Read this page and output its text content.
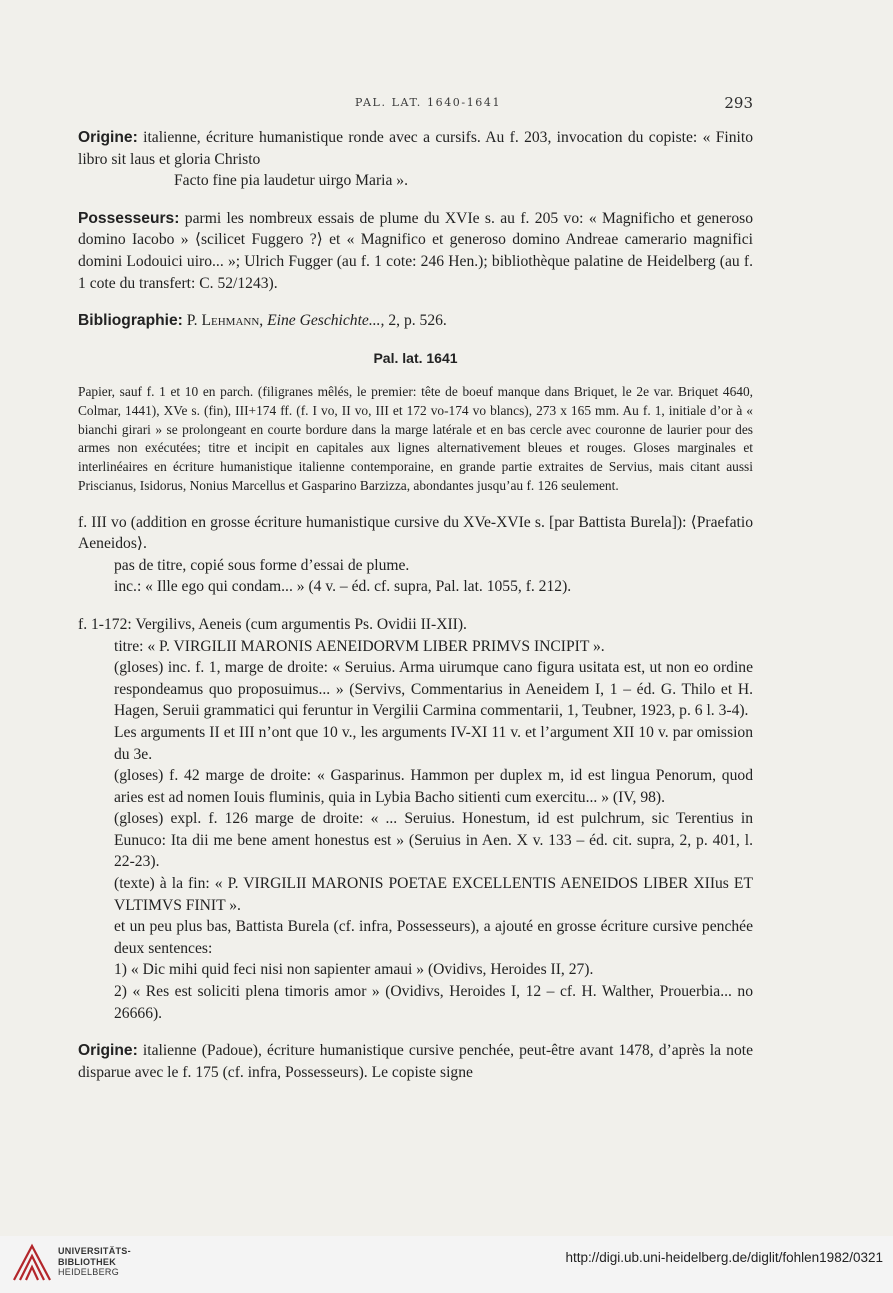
PAL. LAT. 1640-1641	293

Origine: italienne, écriture humanistique ronde avec a cursifs. Au f. 203, invocation du copiste: « Finito libro sit laus et gloria Christo

Facto fine pia laudetur uirgo Maria ».

Possesseurs: parmi les nombreux essais de plume du XVIe s. au f. 205 vo: « Magnificho et generoso domino Iacobo » ⟨scilicet Fuggero ?⟩ et « Magnifico et generoso domino Andreae camerario magnifici domini Lodouici uiro... »; Ulrich Fugger (au f. 1 cote: 246 Hen.); bibliothèque palatine de Heidelberg (au f. 1 cote du transfert: C. 52/1243).

Bibliographie: P. Lehmann, Eine Geschichte..., 2, p. 526.

Pal. lat. 1641

Papier, sauf f. 1 et 10 en parch. (filigranes mêlés, le premier: tête de boeuf manque dans Briquet, le 2e var. Briquet 4640, Colmar, 1441), XVe s. (fin), III+174 ff. (f. I vo, II vo, III et 172 vo-174 vo blancs), 273 x 165 mm. Au f. 1, initiale d’or à « bianchi girari » se prolongeant en courte bordure dans la marge latérale et en bas cercle avec couronne de laurier pour des armes non exécutées; titre et incipit en capitales aux lignes alternativement bleues et rouges. Gloses marginales et interlinéaires en écriture humanistique italienne contemporaine, en grande partie extraites de Servius, mais citant aussi Priscianus, Isidorus, Nonius Marcellus et Gasparino Barzizza, abondantes jusqu’au f. 126 seulement.

f. III vo (addition en grosse écriture humanistique cursive du XVe-XVIe s. [par Battista Burela]): ⟨Praefatio Aeneidos⟩.

pas de titre, copié sous forme d’essai de plume.

inc.: « Ille ego qui condam... » (4 v. – éd. cf. supra, Pal. lat. 1055, f. 212).

f. 1-172: Vergilivs, Aeneis (cum argumentis Ps. Ovidii II-XII).

titre: « P. VIRGILII MARONIS AENEIDORVM LIBER PRIMVS INCIPIT ».

(gloses) inc. f. 1, marge de droite: « Seruius. Arma uirumque cano figura usitata est, ut non eo ordine respondeamus quo proposuimus... » (Servivs, Commentarius in Aeneidem I, 1 – éd. G. Thilo et H. Hagen, Seruii grammatici qui feruntur in Vergilii Carmina commentarii, 1, Teubner, 1923, p. 6 l. 3-4).

Les arguments II et III n’ont que 10 v., les arguments IV-XI 11 v. et l’argument XII 10 v. par omission du 3e.

(gloses) f. 42 marge de droite: « Gasparinus. Hammon per duplex m, id est lingua Penorum, quod aries est ad nomen Iouis fluminis, quia in Lybia Bacho sitienti cum exercitu... » (IV, 98).

(gloses) expl. f. 126 marge de droite: « ... Seruius. Honestum, id est pulchrum, sic Terentius in Eunuco: Ita dii me bene ament honestus est » (Seruius in Aen. X v. 133 – éd. cit. supra, 2, p. 401, l. 22-23).

(texte) à la fin: « P. VIRGILII MARONIS POETAE EXCELLENTIS AENEIDOS LIBER XIIus ET VLTIMVS FINIT ».

et un peu plus bas, Battista Burela (cf. infra, Possesseurs), a ajouté en grosse écriture cursive penchée deux sentences:

1) « Dic mihi quid feci nisi non sapienter amaui » (Ovidivs, Heroides II, 27).

2) « Res est soliciti plena timoris amor » (Ovidivs, Heroides I, 12 – cf. H. Walther, Prouerbia... no 26666).

Origine: italienne (Padoue), écriture humanistique cursive penchée, peut-être avant 1478, d’après la note disparue avec le f. 175 (cf. infra, Possesseurs). Le copiste signe

UNIVERSITÄTS-
BIBLIOTHEK
HEIDELBERG
http://digi.ub.uni-heidelberg.de/diglit/fohlen1982/0321
